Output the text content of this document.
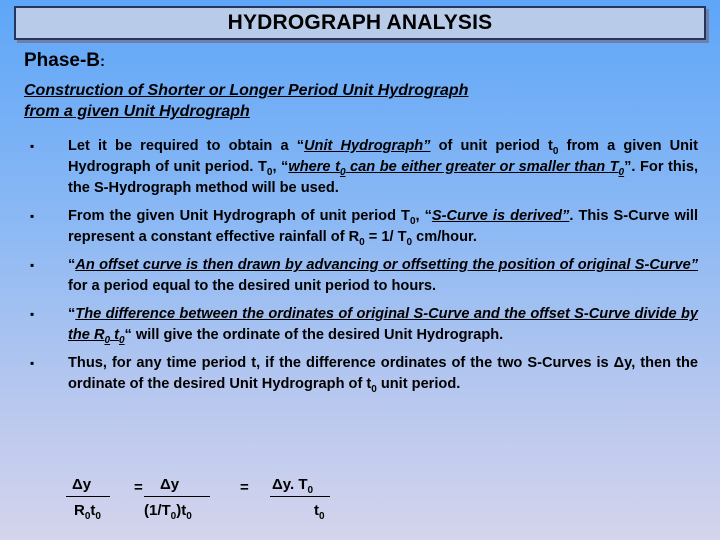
HYDROGRAPH ANALYSIS
Phase-B:
Construction of Shorter or Longer Period Unit Hydrograph
from a given Unit Hydrograph
▪ Let it be required to obtain a “Unit Hydrograph” of unit period $t_0$ from a given Unit Hydrograph of unit period. $T_0$, “where $t_0$ can be either greater or smaller than $T_0$”. For this, the S-Hydrograph method will be used.
▪ From the given Unit Hydrograph of unit period $T_0$, “S-Curve is derived”. This S-Curve will represent a constant effective rainfall of $R_0 = 1/$ $T_0$ cm/hour.
▪ “An offset curve is then drawn by advancing or offsetting the position of original S-Curve” for a period equal to the desired unit period to hours.
▪ “The difference between the ordinates of original S-Curve and the offset S-Curve divide by the $R_0$ $t_0“$ will give the ordinate of the desired Unit Hydrograph.
▪ Thus, for any time period t, if the difference ordinates of the two S-Curves is Δy, then the ordinate of the desired Unit Hydrograph of $t_0$ unit period.
Δy
$R_0t_0$
= Δy
$(1/T_0)t_0$
= Δy. $T_0$
$t_0$
